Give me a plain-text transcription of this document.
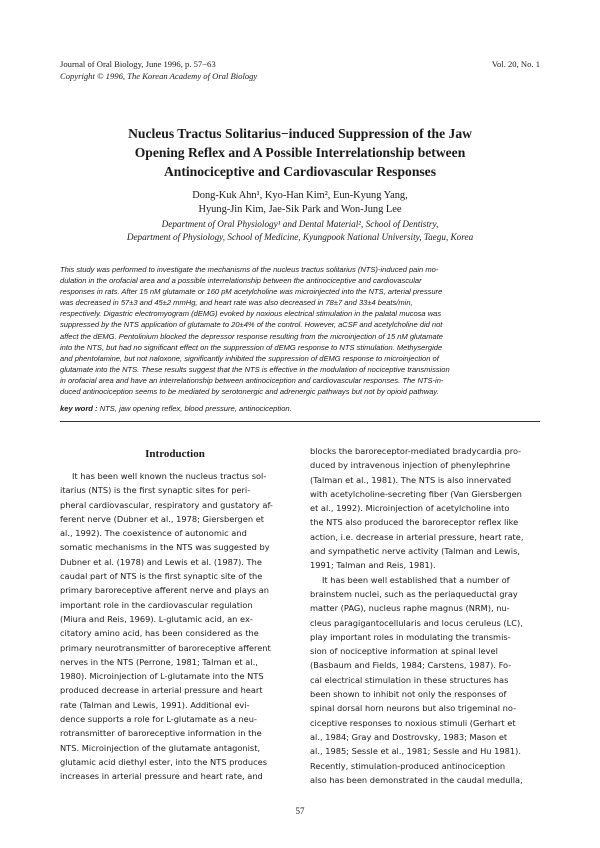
Journal of Oral Biology, June 1996, p. 57−63
Copyright © 1996, The Korean Academy of Oral Biology
Vol. 20, No. 1
Nucleus Tractus Solitarius−induced Suppression of the Jaw
Opening Reflex and A Possible Interrelationship between
Antinociceptive and Cardiovascular Responses
Dong-Kuk Ahn¹, Kyo-Han Kim², Eun-Kyung Yang,
Hyung-Jin Kim, Jae-Sik Park and Won-Jung Lee
Department of Oral Physiology¹ and Dental Material², School of Dentistry,
Department of Physiology, School of Medicine, Kyungpook National University, Taegu, Korea
This study was performed to investigate the mechanisms of the nucleus tractus solitarius (NTS)-induced pain mo-
dulation in the orofacial area and a possible interrelationship between the antinociceptive and cardiovascular
responses in rats. After 15 nM glutamate or 160 pM acetylcholine was microinjected into the NTS, arterial pressure
was decreased in 57±3 and 45±2 mmHg, and heart rate was also decreased in 78±7 and 33±4 beats/min,
respectively. Digastric electromyogram (dEMG) evoked by noxious electrical stimulation in the palatal mucosa was
suppressed by the NTS application of glutamate to 20±4% of the control. However, aCSF and acetylcholine did not
affect the dEMG. Pentolinium blocked the depressor response resulting from the microinjection of 15 nM glutamate
into the NTS, but had no significant effect on the suppression of dEMG response to NTS stimulation. Methysergide
and phentolamine, but not naloxone, significantly inhibited the suppression of dEMG response to microinjection of
glutamate into the NTS. These results suggest that the NTS is effective in the modulation of nociceptive transmission
in orofacial area and have an interrelationship between antinociception and cardiovascular responses. The NTS-in-
duced antinociception seems to be mediated by serotonergic and adrenergic pathways but not by opioid pathway.
key word : NTS, jaw opening reflex, blood pressure, antinociception.
Introduction
It has been well known the nucleus tractus sol-
itarius (NTS) is the first synaptic sites for peri-
pheral cardiovascular, respiratory and gustatory af-
ferent nerve (Dubner et al., 1978; Giersbergen et
al., 1992). The coexistence of autonomic and
somatic mechanisms in the NTS was suggested by
Dubner et al. (1978) and Lewis et al. (1987). The
caudal part of NTS is the first synaptic site of the
primary baroreceptive afferent nerve and plays an
important role in the cardiovascular regulation
(Miura and Reis, 1969). L-glutamic acid, an ex-
citatory amino acid, has been considered as the
primary neurotransmitter of baroreceptive afferent
nerves in the NTS (Perrone, 1981; Talman et al.,
1980). Microinjection of L-glutamate into the NTS
produced decrease in arterial pressure and heart
rate (Talman and Lewis, 1991). Additional evi-
dence supports a role for L-glutamate as a neu-
rotransmitter of baroreceptive information in the
NTS. Microinjection of the glutamate antagonist,
glutamic acid diethyl ester, into the NTS produces
increases in arterial pressure and heart rate, and
blocks the baroreceptor-mediated bradycardia pro-
duced by intravenous injection of phenylephrine
(Talman et al., 1981). The NTS is also innervated
with acetylcholine-secreting fiber (Van Giersbergen
et al., 1992). Microinjection of acetylcholine into
the NTS also produced the baroreceptor reflex like
action, i.e. decrease in arterial pressure, heart rate,
and sympathetic nerve activity (Talman and Lewis,
1991; Talman and Reis, 1981).
It has been well established that a number of
brainstem nuclei, such as the periaqueductal gray
matter (PAG), nucleus raphe magnus (NRM), nu-
cleus paragigantocellularis and locus ceruleus (LC),
play important roles in modulating the transmis-
sion of nociceptive information at spinal level
(Basbaum and Fields, 1984; Carstens, 1987). Fo-
cal electrical stimulation in these structures has
been shown to inhibit not only the responses of
spinal dorsal horn neurons but also trigeminal no-
ciceptive responses to noxious stimuli (Gerhart et
al., 1984; Gray and Dostrovsky, 1983; Mason et
al., 1985; Sessle et al., 1981; Sessle and Hu 1981).
Recently, stimulation-produced antinociception
also has been demonstrated in the caudal medulla,
57
